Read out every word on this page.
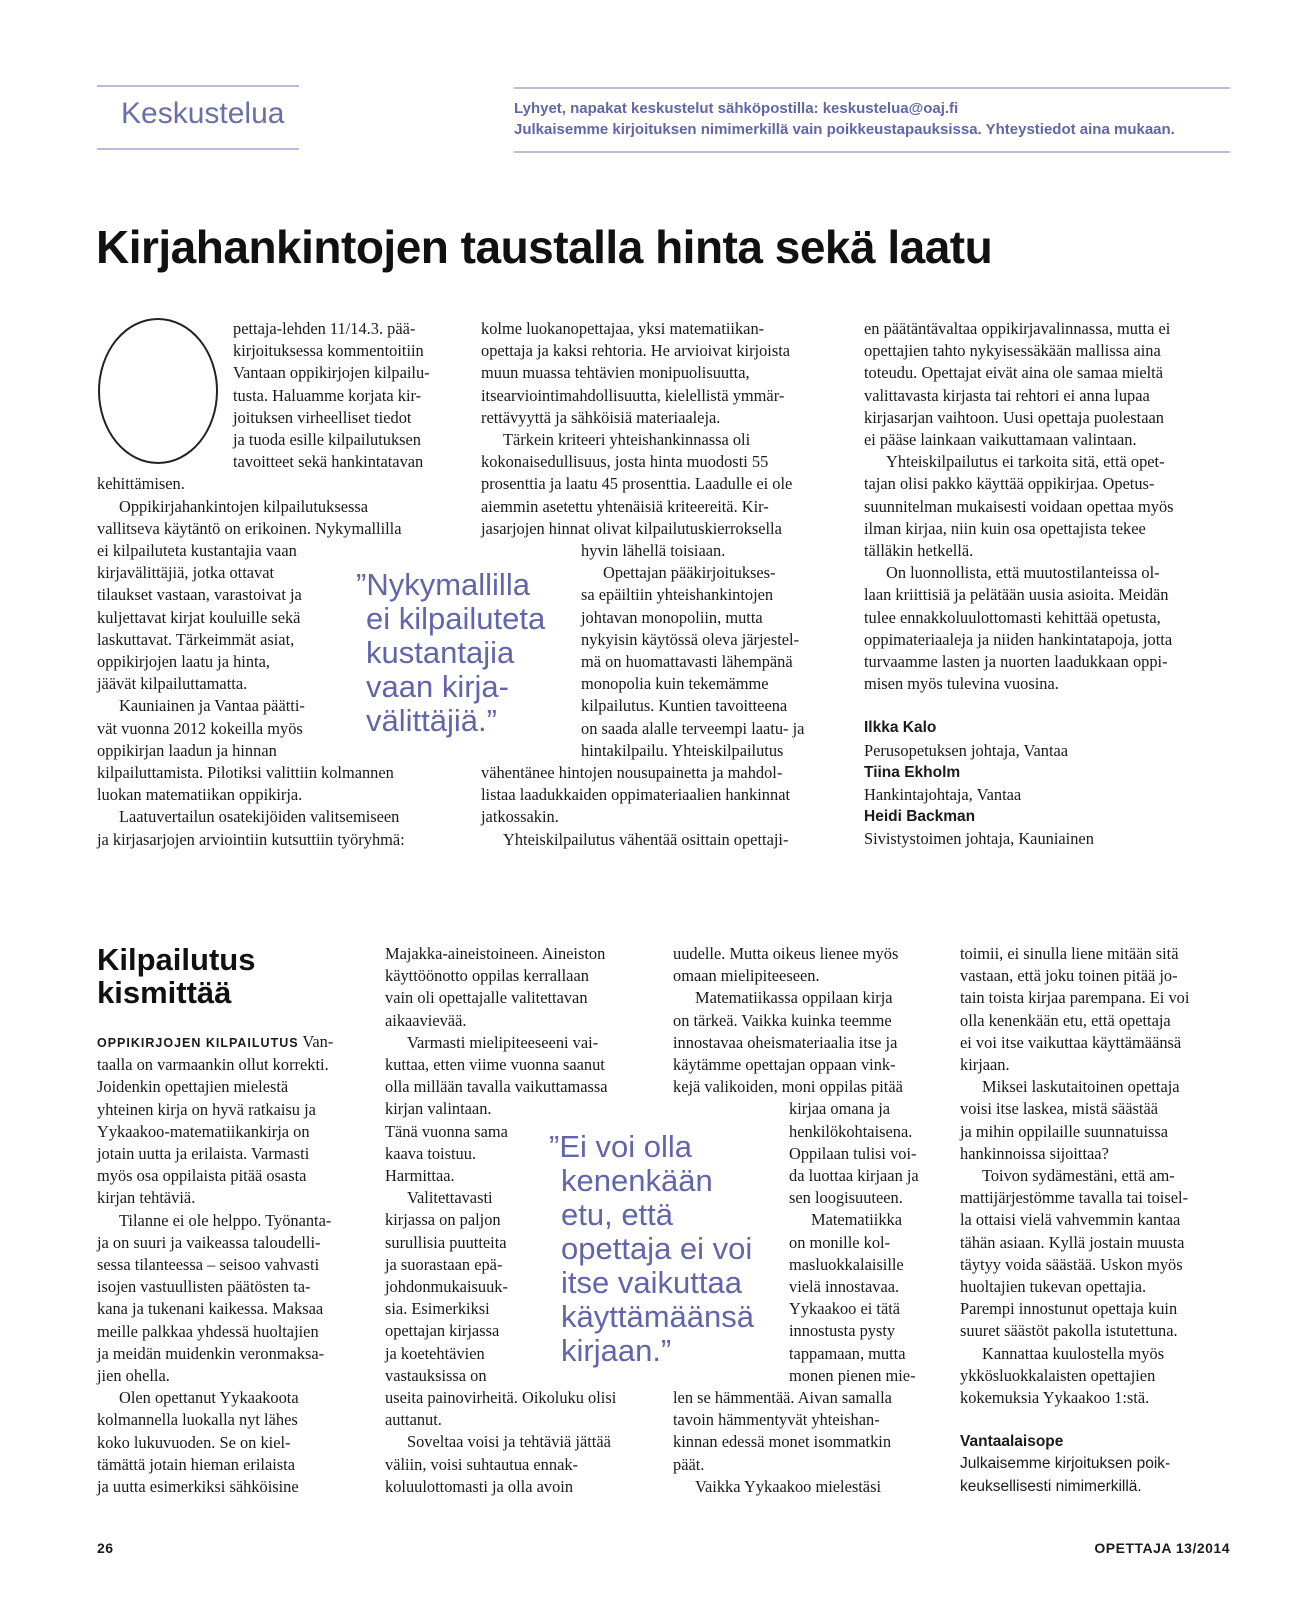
Keskustelua	Lyhyet, napakat keskustelut sähköpostilla: keskustelua@oaj.fi
Julkaisemme kirjoituksen nimimerkillä vain poikkeustapauksissa. Yhteystiedot aina mukaan.
Kirjahankintojen taustalla hinta sekä laatu

pettaja-lehden 11/14.3. pää-

kirjoituksessa kommentoitiin

Vantaan oppikirjojen kilpailu-

tusta. Haluamme korjata kir-

joituksen virheelliset tiedot

ja tuoda esille kilpailutuksen

tavoitteet sekä hankintatavan

kehittämisen.

Oppikirjahankintojen kilpailutuksessa

vallitseva käytäntö on erikoinen. Nykymallilla

ei kilpailuteta kustantajia vaan

kirjavälittäjiä, jotka ottavat

tilaukset vastaan, varastoivat ja

kuljettavat kirjat kouluille sekä

laskuttavat. Tärkeimmät asiat,

oppikirjojen laatu ja hinta,

jäävät kilpailuttamatta.

Kauniainen ja Vantaa päätti-

vät vuonna 2012 kokeilla myös

oppikirjan laadun ja hinnan

kilpailuttamista. Pilotiksi valittiin kolmannen

luokan matematiikan oppikirja.

Laatuvertailun osatekijöiden valitsemiseen

ja kirjasarjojen arviointiin kutsuttiin työryhmä:

”Nykymallilla
ei kilpailuteta
kustantajia
vaan kirja-
välittäjiä.”

kolme luokanopettajaa, yksi matematiikan-

opettaja ja kaksi rehtoria. He arvioivat kirjoista

muun muassa tehtävien monipuolisuutta,

itsearviointimahdollisuutta, kielellistä ymmär-

rettävyyttä ja sähköisiä materiaaleja.

Tärkein kriteeri yhteishankinnassa oli

kokonaisedullisuus, josta hinta muodosti 55

prosenttia ja laatu 45 prosenttia. Laadulle ei ole

aiemmin asetettu yhtenäisiä kriteereitä. Kir-

jasarjojen hinnat olivat kilpailutuskierroksella

hyvin lähellä toisiaan.

Opettajan pääkirjoitukses-

sa epäiltiin yhteishankintojen

johtavan monopoliin, mutta

nykyisin käytössä oleva järjestel-

mä on huomattavasti lähempänä

monopolia kuin tekemämme

kilpailutus. Kuntien tavoitteena

on saada alalle terveempi laatu- ja

hintakilpailu. Yhteiskilpailutus

vähentänee hintojen nousupainetta ja mahdol-

listaa laadukkaiden oppimateriaalien hankinnat

jatkossakin.

Yhteiskilpailutus vähentää osittain opettaji-

en päätäntävaltaa oppikirjavalinnassa, mutta ei

opettajien tahto nykyisessäkään mallissa aina

toteudu. Opettajat eivät aina ole samaa mieltä

valittavasta kirjasta tai rehtori ei anna lupaa

kirjasarjan vaihtoon. Uusi opettaja puolestaan

ei pääse lainkaan vaikuttamaan valintaan.

Yhteiskilpailutus ei tarkoita sitä, että opet-

tajan olisi pakko käyttää oppikirjaa. Opetus-

suunnitelman mukaisesti voidaan opettaa myös

ilman kirjaa, niin kuin osa opettajista tekee

tälläkin hetkellä.

On luonnollista, että muutostilanteissa ol-

laan kriittisiä ja pelätään uusia asioita. Meidän

tulee ennakkoluulottomasti kehittää opetusta,

oppimateriaaleja ja niiden hankintatapoja, jotta

turvaamme lasten ja nuorten laadukkaan oppi-

misen myös tulevina vuosina.

Ilkka Kalo

Perusopetuksen johtaja, Vantaa

Tiina Ekholm

Hankintajohtaja, Vantaa

Heidi Backman

Sivistystoimen johtaja, Kauniainen

Kilpailutus
kismittää

OPPIKIRJOJEN KILPAILUTUS Van-

taalla on varmaankin ollut korrekti.

Joidenkin opettajien mielestä

yhteinen kirja on hyvä ratkaisu ja

Yykaakoo-matematiikankirja on

jotain uutta ja erilaista. Varmasti

myös osa oppilaista pitää osasta

kirjan tehtäviä.

Tilanne ei ole helppo. Työnanta-

ja on suuri ja vaikeassa taloudelli-

sessa tilanteessa – seisoo vahvasti

isojen vastuullisten päätösten ta-

kana ja tukenani kaikessa. Maksaa

meille palkkaa yhdessä huoltajien

ja meidän muidenkin veronmaksa-

jien ohella.

Olen opettanut Yykaakoota

kolmannella luokalla nyt lähes

koko lukuvuoden. Se on kiel-

tämättä jotain hieman erilaista

ja uutta esimerkiksi sähköisine

Majakka-aineistoineen. Aineiston

käyttöönotto oppilas kerrallaan

vain oli opettajalle valitettavan

aikaavievää.

Varmasti mielipiteeseeni vai-

kuttaa, etten viime vuonna saanut

olla millään tavalla vaikuttamassa

kirjan valintaan.

Tänä vuonna sama

kaava toistuu.

Harmittaa.

Valitettavasti

kirjassa on paljon

surullisia puutteita

ja suorastaan epä-

johdonmukaisuuk-

sia. Esimerkiksi

opettajan kirjassa

ja koetehtävien

vastauksissa on

useita painovirheitä. Oikoluku olisi

auttanut.

Soveltaa voisi ja tehtäviä jättää

väliin, voisi suhtautua ennak-

koluulottomasti ja olla avoin

”Ei voi olla
kenenkään
etu, että
opettaja ei voi
itse vaikuttaa
käyttämäänsä
kirjaan.”

uudelle. Mutta oikeus lienee myös

omaan mielipiteeseen.

Matematiikassa oppilaan kirja

on tärkeä. Vaikka kuinka teemme

innostavaa oheismateriaalia itse ja

käytämme opettajan oppaan vink-

kejä valikoiden, moni oppilas pitää

kirjaa omana ja

henkilökohtaisena.

Oppilaan tulisi voi-

da luottaa kirjaan ja

sen loogisuuteen.

Matematiikka

on monille kol-

masluokkalaisille

vielä innostavaa.

Yykaakoo ei tätä

innostusta pysty

tappamaan, mutta

monen pienen mie-

len se hämmentää. Aivan samalla

tavoin hämmentyvät yhteishan-

kinnan edessä monet isommatkin

päät.

Vaikka Yykaakoo mielestäsi

toimii, ei sinulla liene mitään sitä

vastaan, että joku toinen pitää jo-

tain toista kirjaa parempana. Ei voi

olla kenenkään etu, että opettaja

ei voi itse vaikuttaa käyttämäänsä

kirjaan.

Miksei laskutaitoinen opettaja

voisi itse laskea, mistä säästää

ja mihin oppilaille suunnatuissa

hankinnoissa sijoittaa?

Toivon sydämestäni, että am-

mattijärjestömme tavalla tai toisel-

la ottaisi vielä vahvemmin kantaa

tähän asiaan. Kyllä jostain muusta

täytyy voida säästää. Uskon myös

huoltajien tukevan opettajia.

Parempi innostunut opettaja kuin

suuret säästöt pakolla istutettuna.

Kannattaa kuulostella myös

ykkösluokkalaisten opettajien

kokemuksia Yykaakoo 1:stä.

Vantaalaisope

Julkaisemme kirjoituksen poik-

keuksellisesti nimimerkillä.

26	OPETTAJA 13/2014
